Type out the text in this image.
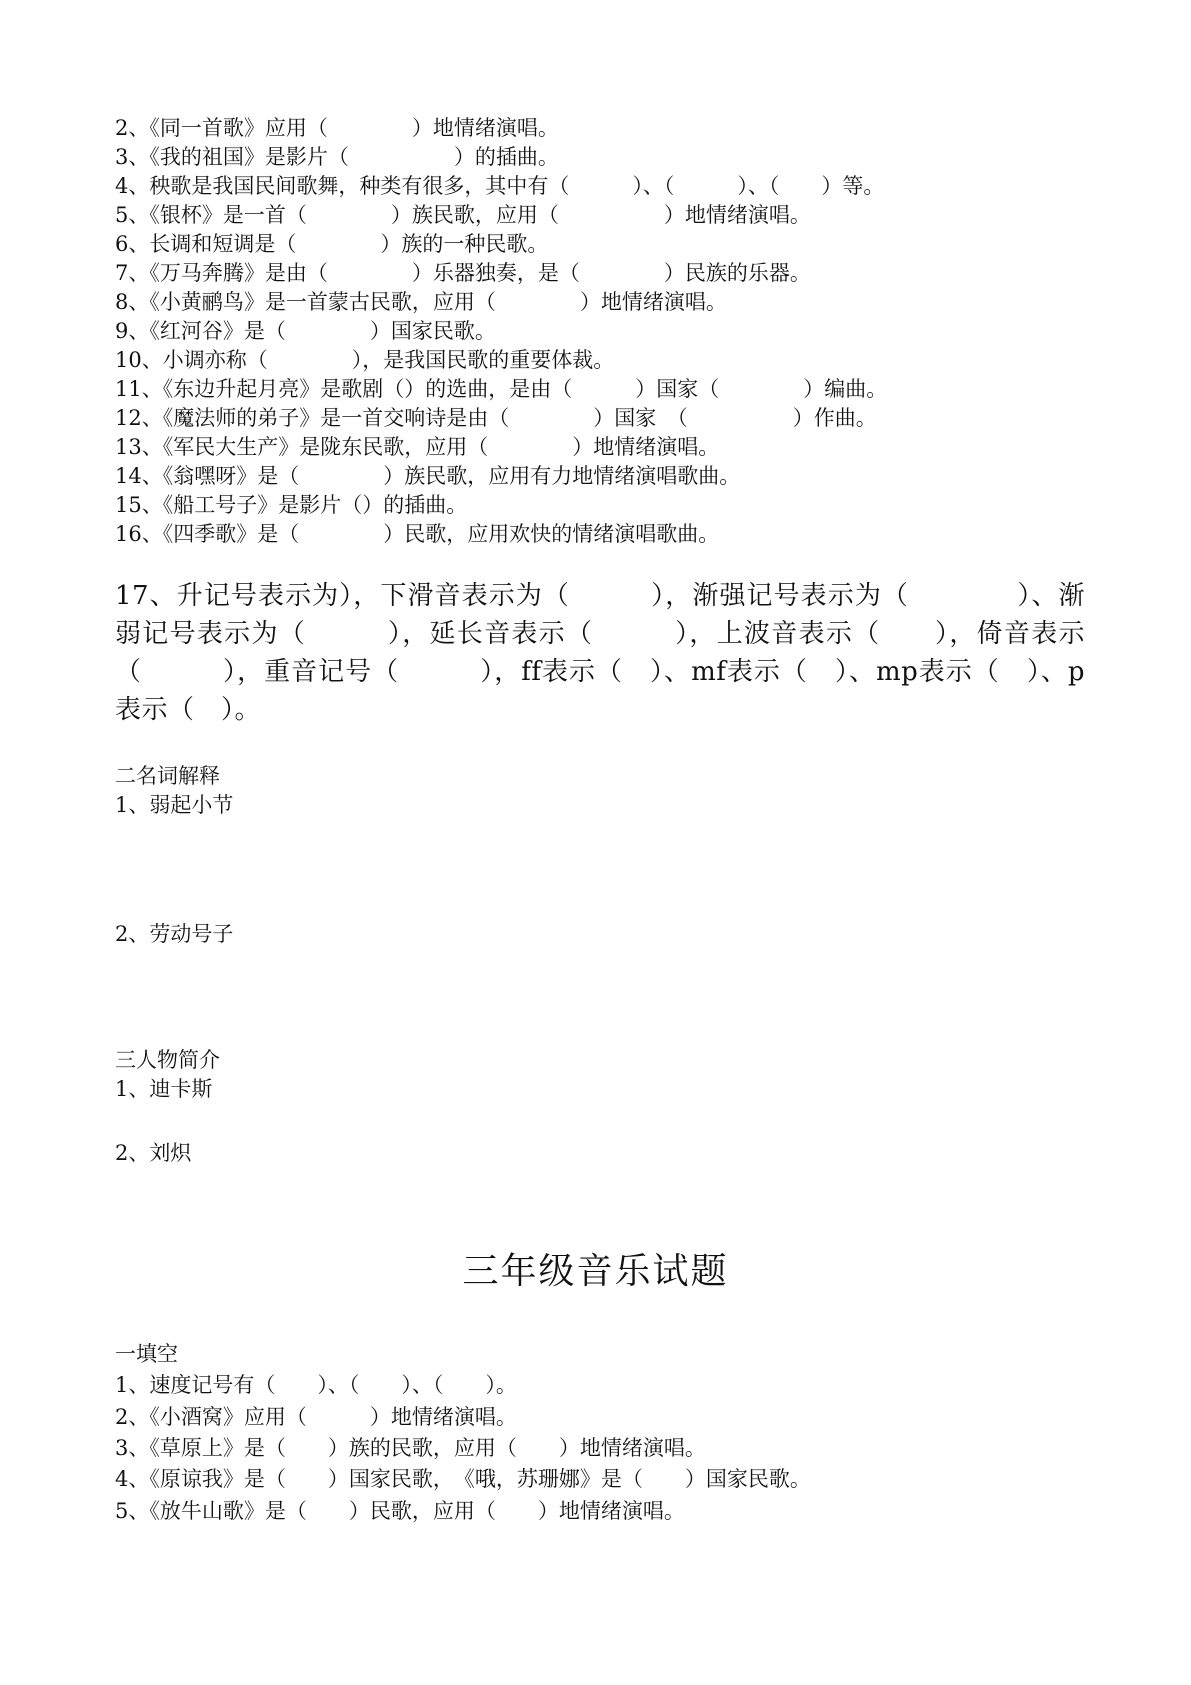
2、《同一首歌》应用（　　　　）地情绪演唱。
3、《我的祖国》是影片（　　　　　）的插曲。
4、秧歌是我国民间歌舞，种类有很多，其中有（　　　）、（　　　）、（　　）等。
5、《银杯》是一首（　　　　）族民歌，应用（　　　　　）地情绪演唱。
6、长调和短调是（　　　　）族的一种民歌。
7、《万马奔腾》是由（　　　　）乐器独奏，是（　　　　）民族的乐器。
8、《小黄鹂鸟》是一首蒙古民歌，应用（　　　　）地情绪演唱。
9、《红河谷》是（　　　　）国家民歌。
10、小调亦称（　　　　），是我国民歌的重要体裁。
11、《东边升起月亮》是歌剧（）的选曲，是由（　　　）国家（　　　　）编曲。
12、《魔法师的弟子》是一首交响诗是由（　　　　）国家　（　　　　　）作曲。
13、《军民大生产》是陇东民歌，应用（　　　　）地情绪演唱。
14、《翁嘿呀》是（　　　　）族民歌，应用有力地情绪演唱歌曲。
15、《船工号子》是影片（）的插曲。
16、《四季歌》是（　　　　）民歌，应用欢快的情绪演唱歌曲。
17、升记号表示为），下滑音表示为（　　　），渐强记号表示为（　　　　）、渐弱记号表示为（　　　），延长音表示（　　　），上波音表示（　　），倚音表示（　　　），重音记号（　　　），ff表示（　）、mf表示（　）、mp表示（　）、p表示（　）。
二名词解释
1、弱起小节
2、劳动号子
三人物简介
1、迪卡斯
2、刘炽
三年级音乐试题
一填空
1、速度记号有（　　）、（　　）、（　　）。
2、《小酒窝》应用（　　　）地情绪演唱。
3、《草原上》是（　　）族的民歌，应用（　　）地情绪演唱。
4、《原谅我》是（　　）国家民歌，　《哦，苏珊娜》是（　　）国家民歌。
5、《放牛山歌》是（　　）民歌，应用（　　）地情绪演唱。
